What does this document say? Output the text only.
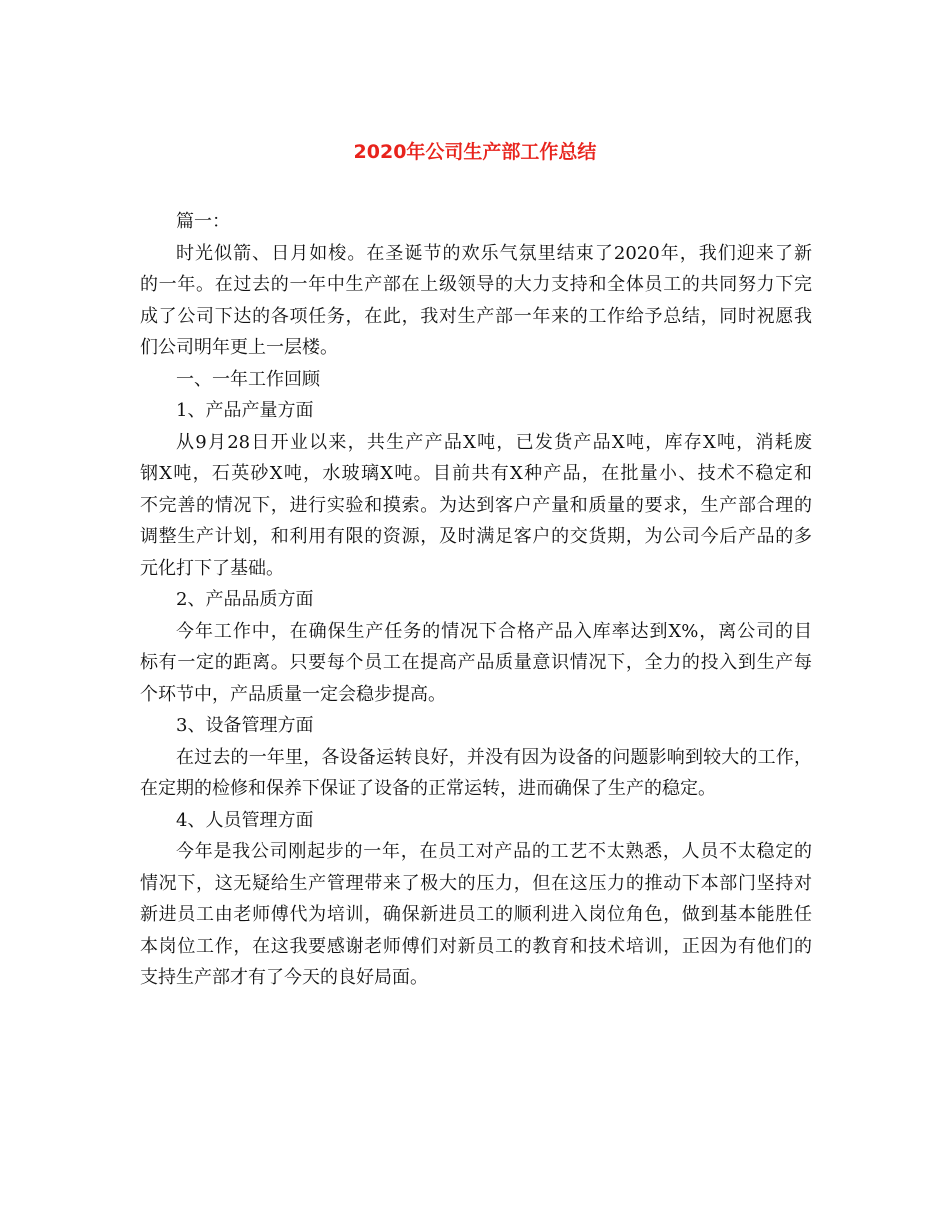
2020年公司生产部工作总结
篇一：
时光似箭、日月如梭。在圣诞节的欢乐气氛里结束了2020年，我们迎来了新
的一年。在过去的一年中生产部在上级领导的大力支持和全体员工的共同努力下完
成了公司下达的各项任务，在此，我对生产部一年来的工作给予总结，同时祝愿我
们公司明年更上一层楼。
一、一年工作回顾
1、产品产量方面
从9月28日开业以来，共生产产品X吨，已发货产品X吨，库存X吨，消耗废
钢X吨，石英砂X吨，水玻璃X吨。目前共有X种产品，在批量小、技术不稳定和
不完善的情况下，进行实验和摸索。为达到客户产量和质量的要求，生产部合理的
调整生产计划，和利用有限的资源，及时满足客户的交货期，为公司今后产品的多
元化打下了基础。
2、产品品质方面
今年工作中，在确保生产任务的情况下合格产品入库率达到X%，离公司的目
标有一定的距离。只要每个员工在提高产品质量意识情况下，全力的投入到生产每
个环节中，产品质量一定会稳步提高。
3、设备管理方面
在过去的一年里，各设备运转良好，并没有因为设备的问题影响到较大的工作，
在定期的检修和保养下保证了设备的正常运转，进而确保了生产的稳定。
4、人员管理方面
今年是我公司刚起步的一年，在员工对产品的工艺不太熟悉，人员不太稳定的
情况下，这无疑给生产管理带来了极大的压力，但在这压力的推动下本部门坚持对
新进员工由老师傅代为培训，确保新进员工的顺利进入岗位角色，做到基本能胜任
本岗位工作，在这我要感谢老师傅们对新员工的教育和技术培训，正因为有他们的
支持生产部才有了今天的良好局面。
